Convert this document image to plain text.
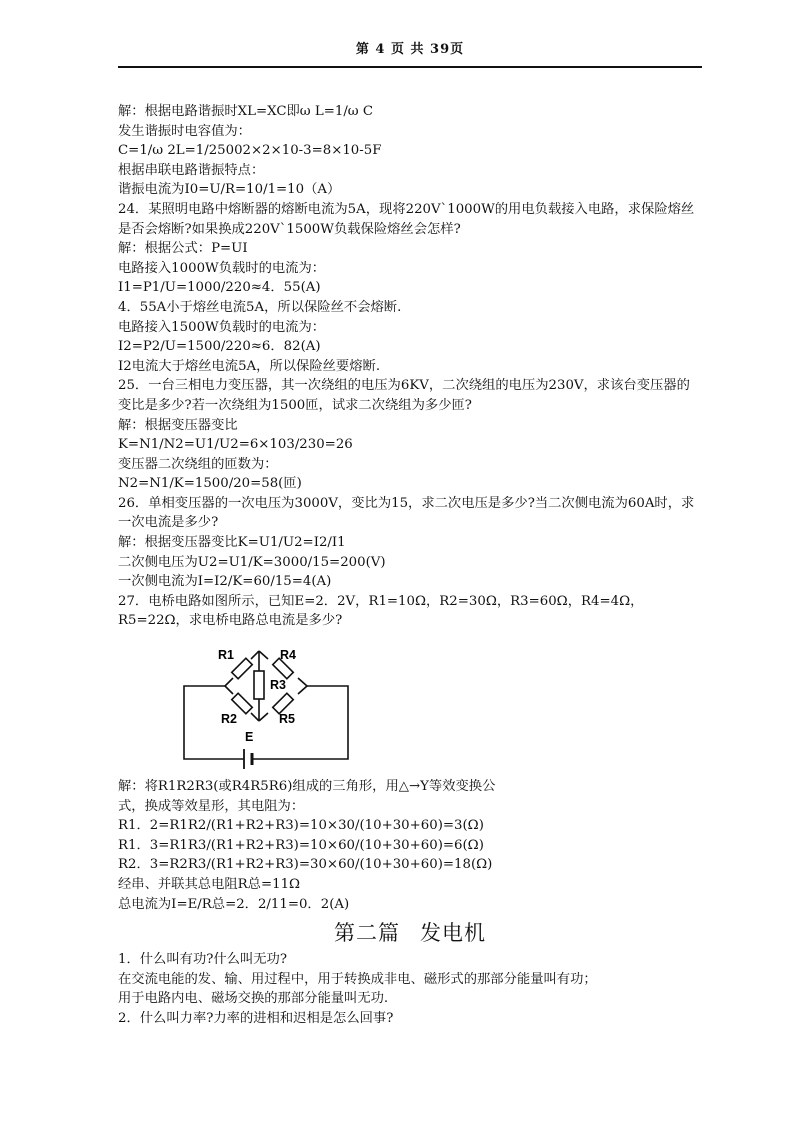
第 4 页 共 39页
解：根据电路谐振时XL=XC即ω L=1/ω C
发生谐振时电容值为：
C=1/ω 2L=1/25002×2×10-3=8×10-5F
根据串联电路谐振特点：
谐振电流为I0=U/R=10/1=10（A）
24．某照明电路中熔断器的熔断电流为5A，现将220V`1000W的用电负载接入电路，求保险熔丝是否会熔断?如果换成220V`1500W负载保险熔丝会怎样?
解：根据公式：P=UI
电路接入1000W负载时的电流为：
I1=P1/U=1000/220≈4．55(A)
4．55A小于熔丝电流5A，所以保险丝不会熔断.
电路接入1500W负载时的电流为：
I2=P2/U=1500/220≈6．82(A)
I2电流大于熔丝电流5A，所以保险丝要熔断.
25．一台三相电力变压器，其一次绕组的电压为6KV，二次绕组的电压为230V，求该台变压器的变比是多少?若一次绕组为1500匝，试求二次绕组为多少匝?
解：根据变压器变比
K=N1/N2=U1/U2=6×103/230=26
变压器二次绕组的匝数为：
N2=N1/K=1500/20=58(匝)
26．单相变压器的一次电压为3000V，变比为15，求二次电压是多少?当二次侧电流为60A时，求一次电流是多少?
解：根据变压器变比K=U1/U2=I2/I1
二次侧电压为U2=U1/K=3000/15=200(V)
一次侧电流为I=I2/K=60/15=4(A)
27．电桥电路如图所示，已知E=2．2V，R1=10Ω，R2=30Ω，R3=60Ω，R4=4Ω，R5=22Ω，求电桥电路总电流是多少?
R1	R4
R3
R2	R5
E
解：将R1R2R3(或R4R5R6)组成的三角形，用△→Y等效变换公
式，换成等效星形，其电阻为：
R1．2=R1R2/(R1+R2+R3)=10×30/(10+30+60)=3(Ω)
R1．3=R1R3/(R1+R2+R3)=10×60/(10+30+60)=6(Ω)
R2．3=R2R3/(R1+R2+R3)=30×60/(10+30+60)=18(Ω)
经串、并联其总电阻R总=11Ω
总电流为I=E/R总=2．2/11=0．2(A)
第二篇 发电机
1．什么叫有功?什么叫无功?
在交流电能的发、输、用过程中，用于转换成非电、磁形式的那部分能量叫有功；
用于电路内电、磁场交换的那部分能量叫无功.
2．什么叫力率?力率的进相和迟相是怎么回事?
